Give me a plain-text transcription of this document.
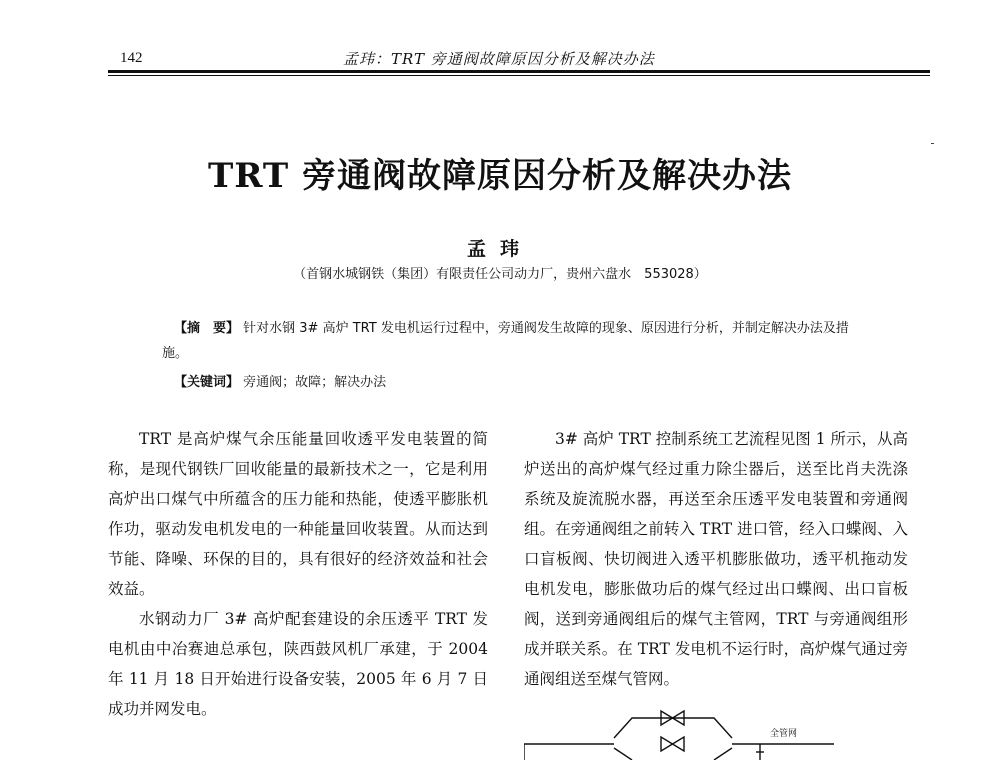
142	孟玮：TRT 旁通阀故障原因分析及解决办法
TRT 旁通阀故障原因分析及解决办法
孟玮
（首钢水城钢铁（集团）有限责任公司动力厂，贵州六盘水　553028）
【摘　要】 针对水钢 3# 高炉 TRT 发电机运行过程中，旁通阀发生故障的现象、原因进行分析，并制定解决办法及措施。
【关键词】 旁通阀；故障；解决办法

TRT 是高炉煤气余压能量回收透平发电装置的简称，是现代钢铁厂回收能量的最新技术之一，它是利用高炉出口煤气中所蕴含的压力能和热能，使透平膨胀机作功，驱动发电机发电的一种能量回收装置。从而达到节能、降噪、环保的目的，具有很好的经济效益和社会效益。

水钢动力厂 3# 高炉配套建设的余压透平 TRT 发电机由中冶赛迪总承包，陕西鼓风机厂承建，于 2004 年 11 月 18 日开始进行设备安装，2005 年 6 月 7 日成功并网发电。

3# 高炉 TRT 控制系统工艺流程见图 1 所示，从高炉送出的高炉煤气经过重力除尘器后，送至比肖夫洗涤系统及旋流脱水器，再送至余压透平发电装置和旁通阀组。在旁通阀组之前转入 TRT 进口管，经入口蝶阀、入口盲板阀、快切阀进入透平机膨胀做功，透平机拖动发电机发电，膨胀做功后的煤气经过出口蝶阀、出口盲板阀，送到旁通阀组后的煤气主管网，TRT 与旁通阀组形成并联关系。在 TRT 发电机不运行时，高炉煤气通过旁通阀组送至煤气管网。

全管网
